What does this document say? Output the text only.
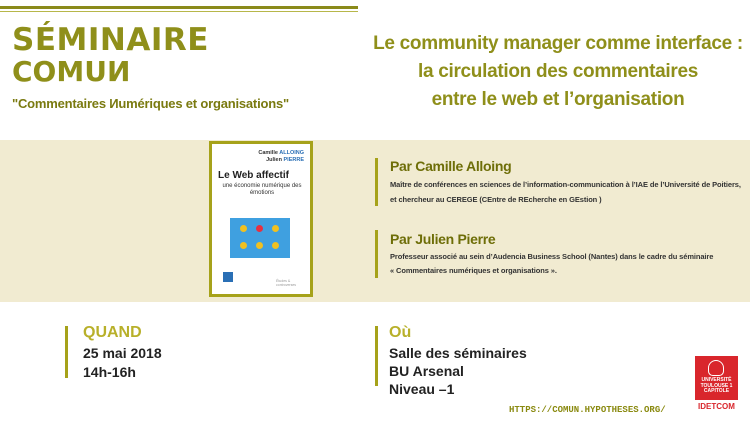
SÉMINAIRE
COMUИ
"Commentaires Иumériques et organisations"
Le community manager comme interface :
la circulation des commentaires
entre le web et l’organisation
Camille ALLOING
Julien PIERRE
Le Web affectif
une économie numérique des émotions
Études & controverses
Par Camille Alloing
Maître de conférences en sciences de l’information-communication à l’IAE de l’Université de Poitiers,
et chercheur au CEREGE (CEntre de REcherche en GEstion )
Par Julien Pierre
Professeur associé au sein d’Audencia Business School (Nantes) dans le cadre du séminaire
« Commentaires numériques et organisations ».
QUAND
25 mai 2018
14h-16h
Où
Salle des séminaires
BU Arsenal
Niveau –1
HTTPS://COMUN.HYPOTHESES.ORG/
UNIVERSITÉ
TOULOUSE 1
CAPITOLE
IDETCOM
